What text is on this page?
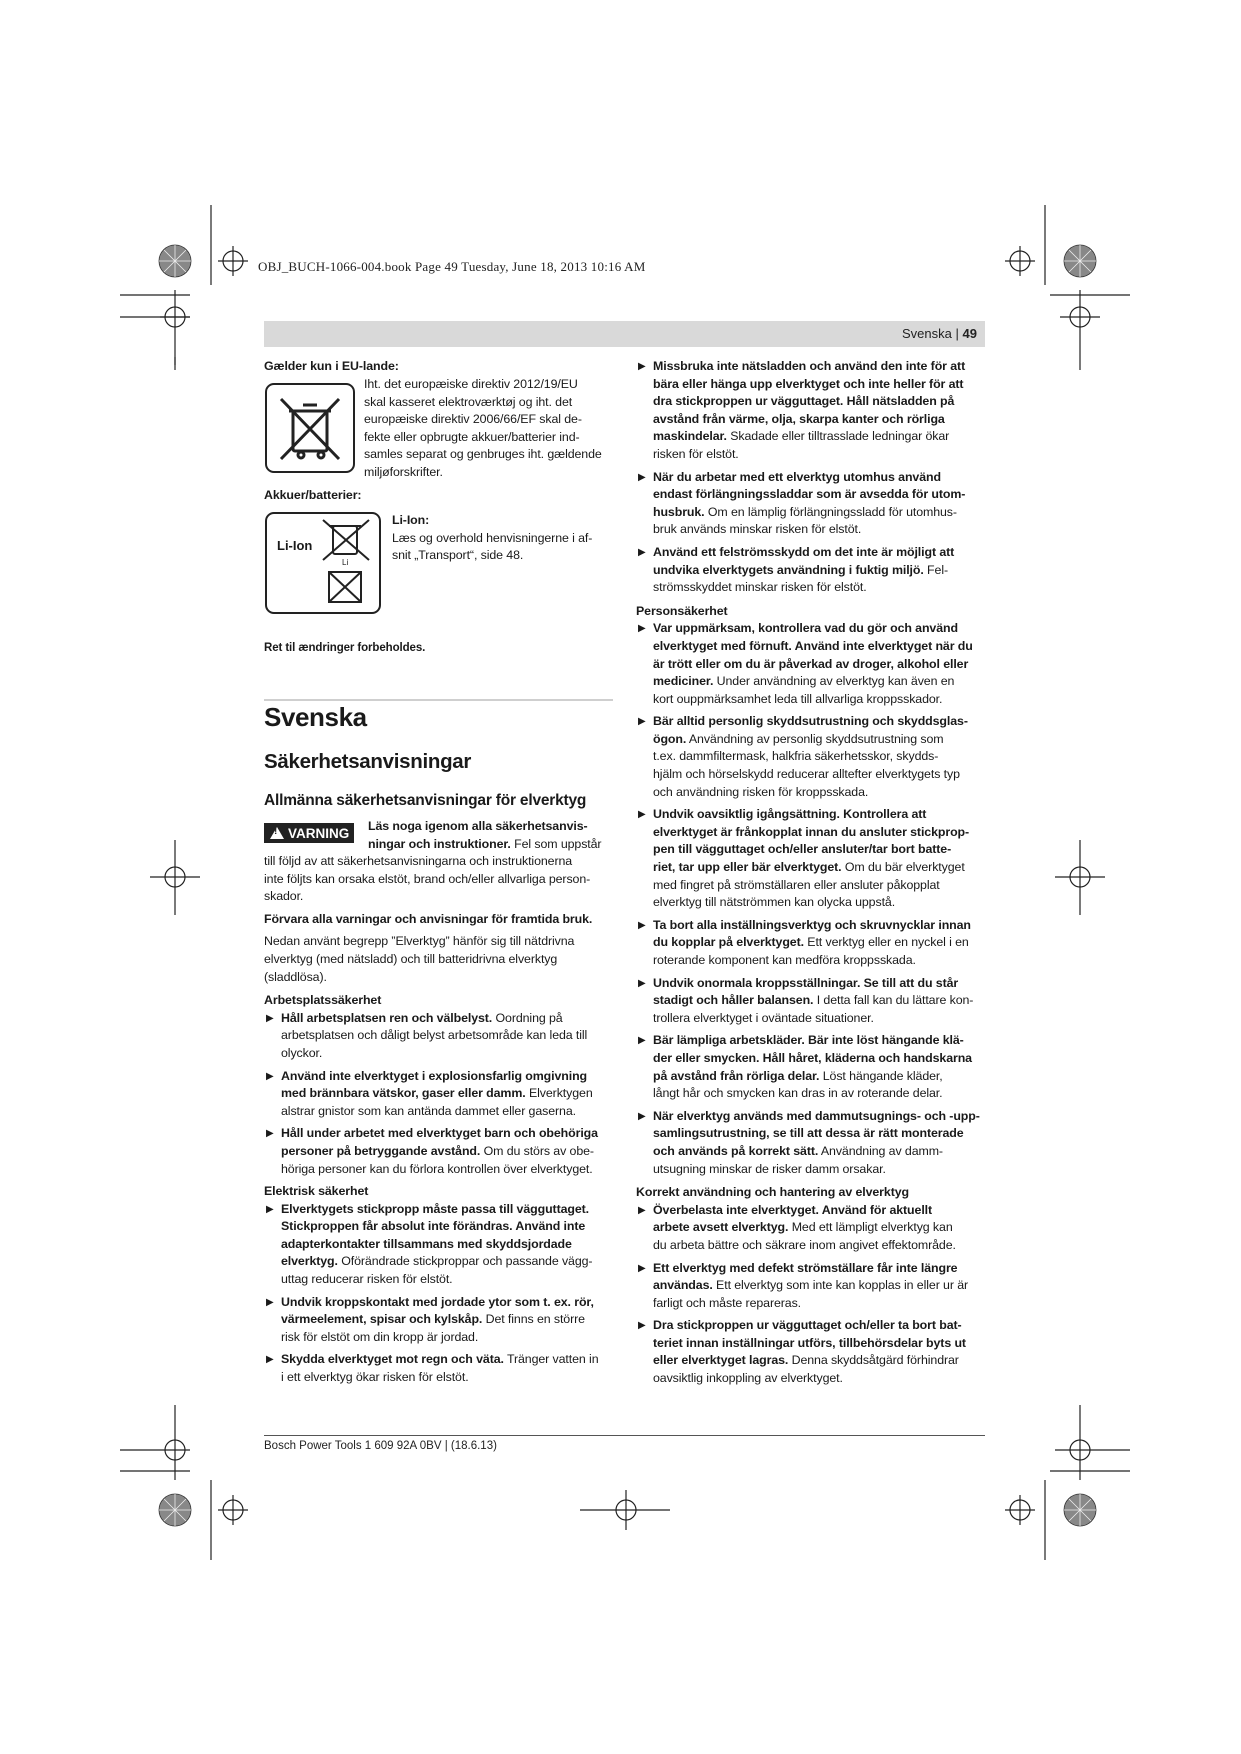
OBJ_BUCH-1066-004.book Page 49 Tuesday, June 18, 2013 10:16 AM
Svenska | 49

Gælder kun i EU-lande:

Iht. det europæiske direktiv 2012/19/EU

skal kasseret elektroværktøj og iht. det

europæiske direktiv 2006/66/EF skal de-

fekte eller opbrugte akkuer/batterier ind-

samles separat og genbruges iht. gældende

miljøforskrifter.

Akkuer/batterier:

Li-Ion
Li

Li-Ion:

Læs og overhold henvisningerne i af-

snit „Transport“, side 48.

Ret til ændringer forbeholdes.

Svenska

Säkerhetsanvisningar

Allmänna säkerhetsanvisningar för elverktyg

! VARNING Läs noga igenom alla säkerhetsanvis-

ningar och instruktioner. Fel som uppstår

till följd av att säkerhetsanvisningarna och instruktionerna

inte följts kan orsaka elstöt, brand och/eller allvarliga person-

skador.

Förvara alla varningar och anvisningar för framtida bruk.

Nedan använt begrepp ”Elverktyg” hänför sig till nätdrivna

elverktyg (med nätsladd) och till batteridrivna elverktyg

(sladdlösa).

Arbetsplatssäkerhet

▶ Håll arbetsplatsen ren och välbelyst. Oordning på

arbetsplatsen och dåligt belyst arbetsområde kan leda till

olyckor.

▶ Använd inte elverktyget i explosionsfarlig omgivning

med brännbara vätskor, gaser eller damm. Elverktygen

alstrar gnistor som kan antända dammet eller gaserna.

▶ Håll under arbetet med elverktyget barn och obehöriga

personer på betryggande avstånd. Om du störs av obe-

höriga personer kan du förlora kontrollen över elverktyget.

Elektrisk säkerhet

▶ Elverktygets stickpropp måste passa till vägguttaget.

Stickproppen får absolut inte förändras. Använd inte

adapterkontakter tillsammans med skyddsjordade

elverktyg. Oförändrade stickproppar och passande vägg-

uttag reducerar risken för elstöt.

▶ Undvik kroppskontakt med jordade ytor som t. ex. rör,

värmeelement, spisar och kylskåp. Det finns en större

risk för elstöt om din kropp är jordad.

▶ Skydda elverktyget mot regn och väta. Tränger vatten in

i ett elverktyg ökar risken för elstöt.

▶ Missbruka inte nätsladden och använd den inte för att

bära eller hänga upp elverktyget och inte heller för att

dra stickproppen ur vägguttaget. Håll nätsladden på

avstånd från värme, olja, skarpa kanter och rörliga

maskindelar. Skadade eller tilltrasslade ledningar ökar

risken för elstöt.

▶ När du arbetar med ett elverktyg utomhus använd

endast förlängningssladdar som är avsedda för utom-

husbruk. Om en lämplig förlängningssladd för utomhus-

bruk används minskar risken för elstöt.

▶ Använd ett felströmsskydd om det inte är möjligt att

undvika elverktygets användning i fuktig miljö. Fel-

strömsskyddet minskar risken för elstöt.

Personsäkerhet

▶ Var uppmärksam, kontrollera vad du gör och använd

elverktyget med förnuft. Använd inte elverktyget när du

är trött eller om du är påverkad av droger, alkohol eller

mediciner. Under användning av elverktyg kan även en

kort ouppmärksamhet leda till allvarliga kroppsskador.

▶ Bär alltid personlig skyddsutrustning och skyddsglas-

ögon. Användning av personlig skyddsutrustning som

t.ex. dammfiltermask, halkfria säkerhetsskor, skydds-

hjälm och hörselskydd reducerar alltefter elverktygets typ

och användning risken för kroppsskada.

▶ Undvik oavsiktlig igångsättning. Kontrollera att

elverktyget är frånkopplat innan du ansluter stickprop-

pen till vägguttaget och/eller ansluter/tar bort batte-

riet, tar upp eller bär elverktyget. Om du bär elverktyget

med fingret på strömställaren eller ansluter påkopplat

elverktyg till nätströmmen kan olycka uppstå.

▶ Ta bort alla inställningsverktyg och skruvnycklar innan

du kopplar på elverktyget. Ett verktyg eller en nyckel i en

roterande komponent kan medföra kroppsskada.

▶ Undvik onormala kroppsställningar. Se till att du står

stadigt och håller balansen. I detta fall kan du lättare kon-

trollera elverktyget i oväntade situationer.

▶ Bär lämpliga arbetskläder. Bär inte löst hängande klä-

der eller smycken. Håll håret, kläderna och handskarna

på avstånd från rörliga delar. Löst hängande kläder,

långt hår och smycken kan dras in av roterande delar.

▶ När elverktyg används med dammutsugnings- och -upp-

samlingsutrustning, se till att dessa är rätt monterade

och används på korrekt sätt. Användning av damm-

utsugning minskar de risker damm orsakar.

Korrekt användning och hantering av elverktyg

▶ Överbelasta inte elverktyget. Använd för aktuellt

arbete avsett elverktyg. Med ett lämpligt elverktyg kan

du arbeta bättre och säkrare inom angivet effektområde.

▶ Ett elverktyg med defekt strömställare får inte längre

användas. Ett elverktyg som inte kan kopplas in eller ur är

farligt och måste repareras.

▶ Dra stickproppen ur vägguttaget och/eller ta bort bat-

teriet innan inställningar utförs, tillbehörsdelar byts ut

eller elverktyget lagras. Denna skyddsåtgärd förhindrar

oavsiktlig inkoppling av elverktyget.

Bosch Power Tools 1 609 92A 0BV | (18.6.13)
